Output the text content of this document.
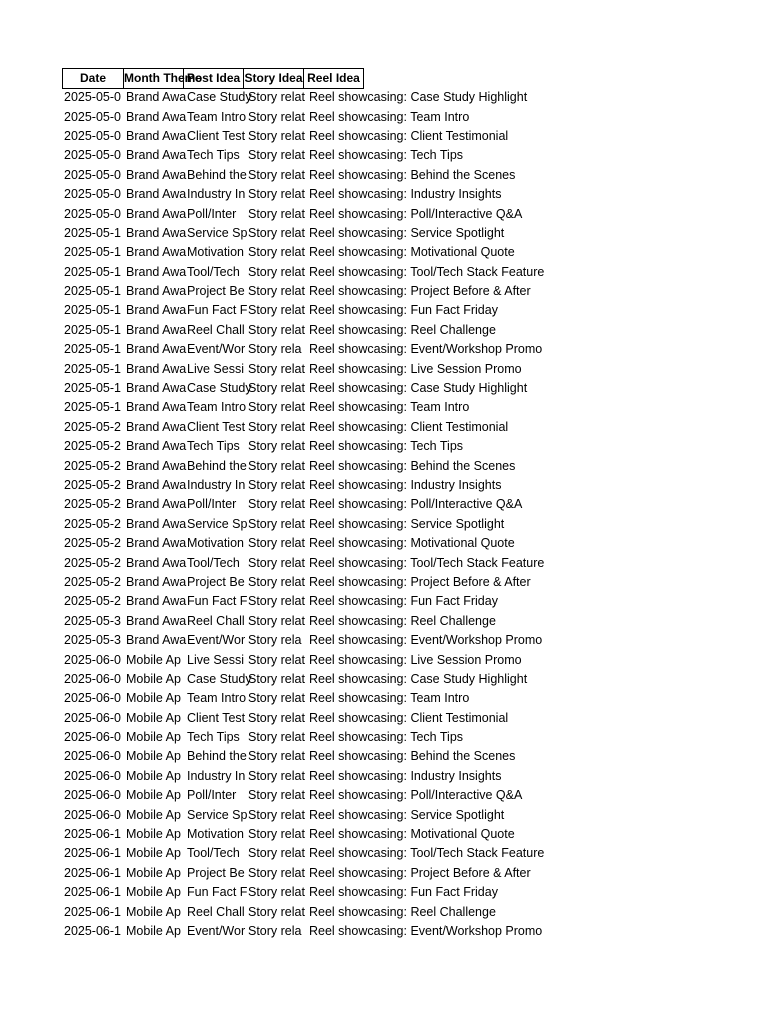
Date	Month Theme
Post Idea Story Idea Reel Idea
2025-05-0 Brand Awa Case Study
Story relat Reel showcasing: Case Study Highlight
2025-05-0 Brand Awa Team Intro Story relat Reel showcasing: Team Intro
2025-05-0 Brand Awa Client Test Story relat Reel showcasing: Client Testimonial
2025-05-0 Brand Awa Tech Tips Story relat Reel showcasing: Tech Tips
2025-05-0 Brand Awa Behind the Story relat Reel showcasing: Behind the Scenes
2025-05-0 Brand Awa Industry In Story relat Reel showcasing: Industry Insights
2025-05-0 Brand Awa Poll/Inter Story relat Reel showcasing: Poll/Interactive Q&A
2025-05-1 Brand Awa Service Sp Story relat Reel showcasing: Service Spotlight
2025-05-1 Brand Awa Motivation Story relat Reel showcasing: Motivational Quote
2025-05-1 Brand Awa Tool/Tech Story relat Reel showcasing: Tool/Tech Stack Feature
2025-05-1 Brand Awa Project Be Story relat Reel showcasing: Project Before & After
2025-05-1 Brand Awa Fun Fact F Story relat Reel showcasing: Fun Fact Friday
2025-05-1 Brand Awa Reel Chall Story relat Reel showcasing: Reel Challenge
2025-05-1 Brand Awa Event/Wor Story rela Reel showcasing: Event/Workshop Promo
2025-05-1 Brand Awa Live Sessi Story relat Reel showcasing: Live Session Promo
2025-05-1 Brand Awa Case Study
Story relat Reel showcasing: Case Study Highlight
2025-05-1 Brand Awa Team Intro Story relat Reel showcasing: Team Intro
2025-05-2 Brand Awa Client Test Story relat Reel showcasing: Client Testimonial
2025-05-2 Brand Awa Tech Tips Story relat Reel showcasing: Tech Tips
2025-05-2 Brand Awa Behind the Story relat Reel showcasing: Behind the Scenes
2025-05-2 Brand Awa Industry In Story relat Reel showcasing: Industry Insights
2025-05-2 Brand Awa Poll/Inter Story relat Reel showcasing: Poll/Interactive Q&A
2025-05-2 Brand Awa Service Sp Story relat Reel showcasing: Service Spotlight
2025-05-2 Brand Awa Motivation Story relat Reel showcasing: Motivational Quote
2025-05-2 Brand Awa Tool/Tech Story relat Reel showcasing: Tool/Tech Stack Feature
2025-05-2 Brand Awa Project Be Story relat Reel showcasing: Project Before & After
2025-05-2 Brand Awa Fun Fact F Story relat Reel showcasing: Fun Fact Friday
2025-05-3 Brand Awa Reel Chall Story relat Reel showcasing: Reel Challenge
2025-05-3 Brand Awa Event/Wor Story rela Reel showcasing: Event/Workshop Promo
2025-06-0 Mobile Ap Live Sessi Story relat Reel showcasing: Live Session Promo
2025-06-0 Mobile Ap Case Study
Story relat Reel showcasing: Case Study Highlight
2025-06-0 Mobile Ap Team Intro Story relat Reel showcasing: Team Intro
2025-06-0 Mobile Ap Client Test Story relat Reel showcasing: Client Testimonial
2025-06-0 Mobile Ap Tech Tips Story relat Reel showcasing: Tech Tips
2025-06-0 Mobile Ap Behind the Story relat Reel showcasing: Behind the Scenes
2025-06-0 Mobile Ap Industry In Story relat Reel showcasing: Industry Insights
2025-06-0 Mobile Ap Poll/Inter Story relat Reel showcasing: Poll/Interactive Q&A
2025-06-0 Mobile Ap Service Sp Story relat Reel showcasing: Service Spotlight
2025-06-1 Mobile Ap Motivation Story relat Reel showcasing: Motivational Quote
2025-06-1 Mobile Ap Tool/Tech Story relat Reel showcasing: Tool/Tech Stack Feature
2025-06-1 Mobile Ap Project Be Story relat Reel showcasing: Project Before & After
2025-06-1 Mobile Ap Fun Fact F Story relat Reel showcasing: Fun Fact Friday
2025-06-1 Mobile Ap Reel Chall Story relat Reel showcasing: Reel Challenge
2025-06-1 Mobile Ap Event/Wor Story rela Reel showcasing: Event/Workshop Promo
